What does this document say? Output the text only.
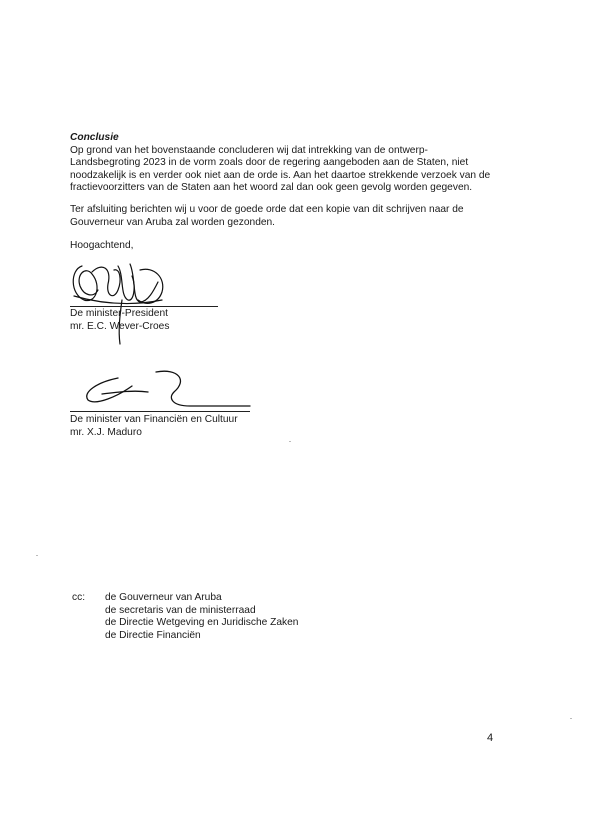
Conclusie
Op grond van het bovenstaande concluderen wij dat intrekking van de ontwerp-
Landsbegroting 2023 in de vorm zoals door de regering aangeboden aan de Staten, niet
noodzakelijk is en verder ook niet aan de orde is. Aan het daartoe strekkende verzoek van de
fractievoorzitters van de Staten aan het woord zal dan ook geen gevolg worden gegeven.
Ter afsluiting berichten wij u voor de goede orde dat een kopie van dit schrijven naar de
Gouverneur van Aruba zal worden gezonden.
Hoogachtend,
De minister-President
mr. E.C. Wever-Croes
De minister van Financiën en Cultuur
mr. X.J. Maduro
cc: de Gouverneur van Aruba
de secretaris van de ministerraad
de Directie Wetgeving en Juridische Zaken
de Directie Financiën
4
